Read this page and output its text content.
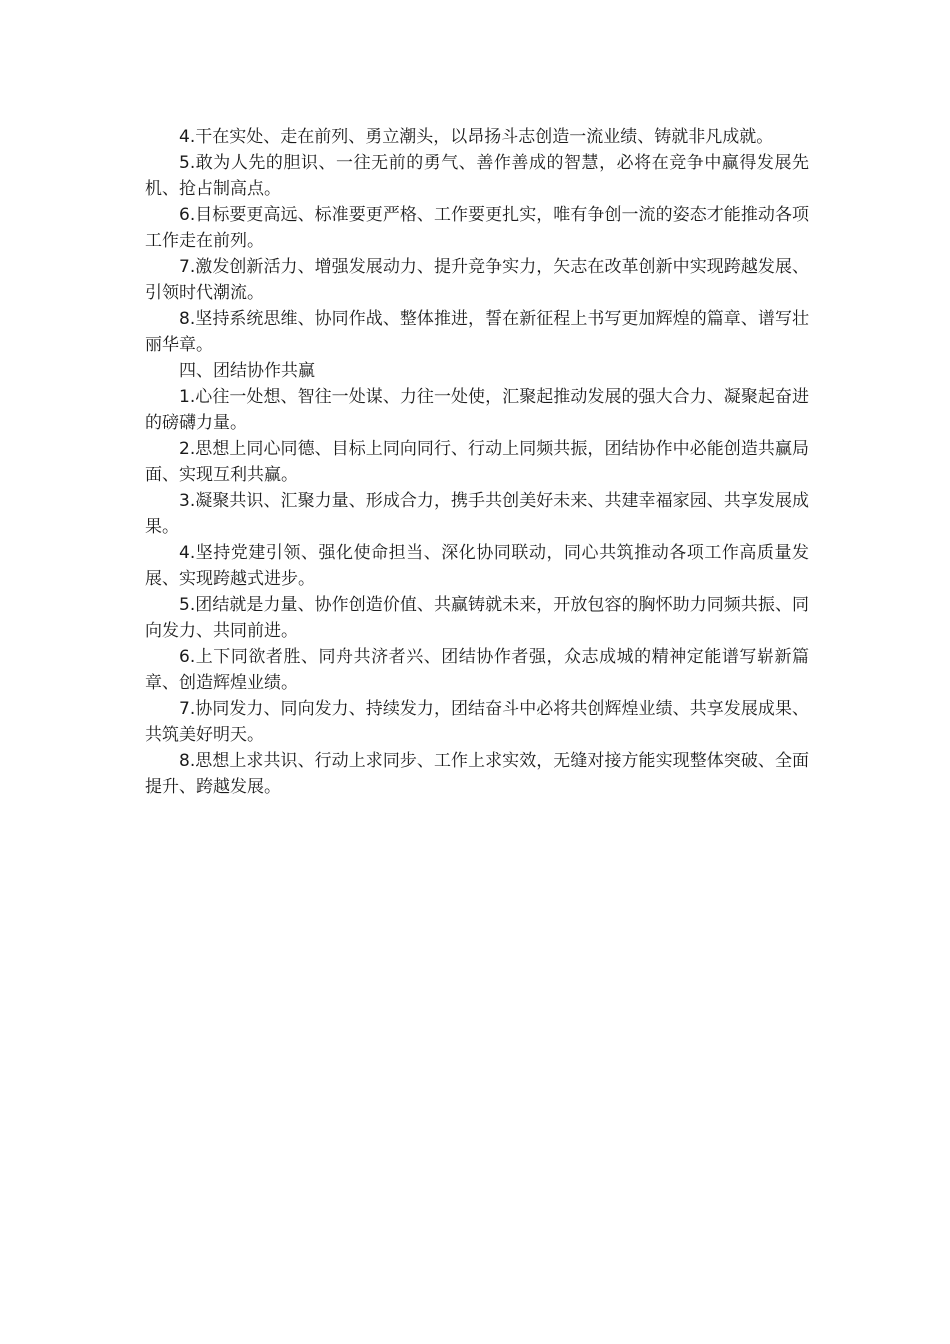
4.干在实处、走在前列、勇立潮头，以昂扬斗志创造一流业绩、铸就非凡成就。

5.敢为人先的胆识、一往无前的勇气、善作善成的智慧，必将在竞争中赢得发展先机、抢占制高点。

6.目标要更高远、标准要更严格、工作要更扎实，唯有争创一流的姿态才能推动各项工作走在前列。

7.激发创新活力、增强发展动力、提升竞争实力，矢志在改革创新中实现跨越发展、引领时代潮流。

8.坚持系统思维、协同作战、整体推进，誓在新征程上书写更加辉煌的篇章、谱写壮丽华章。

四、团结协作共赢

1.心往一处想、智往一处谋、力往一处使，汇聚起推动发展的强大合力、凝聚起奋进的磅礴力量。

2.思想上同心同德、目标上同向同行、行动上同频共振，团结协作中必能创造共赢局面、实现互利共赢。

3.凝聚共识、汇聚力量、形成合力，携手共创美好未来、共建幸福家园、共享发展成果。

4.坚持党建引领、强化使命担当、深化协同联动，同心共筑推动各项工作高质量发展、实现跨越式进步。

5.团结就是力量、协作创造价值、共赢铸就未来，开放包容的胸怀助力同频共振、同向发力、共同前进。

6.上下同欲者胜、同舟共济者兴、团结协作者强，众志成城的精神定能谱写崭新篇章、创造辉煌业绩。

7.协同发力、同向发力、持续发力，团结奋斗中必将共创辉煌业绩、共享发展成果、共筑美好明天。

8.思想上求共识、行动上求同步、工作上求实效，无缝对接方能实现整体突破、全面提升、跨越发展。
